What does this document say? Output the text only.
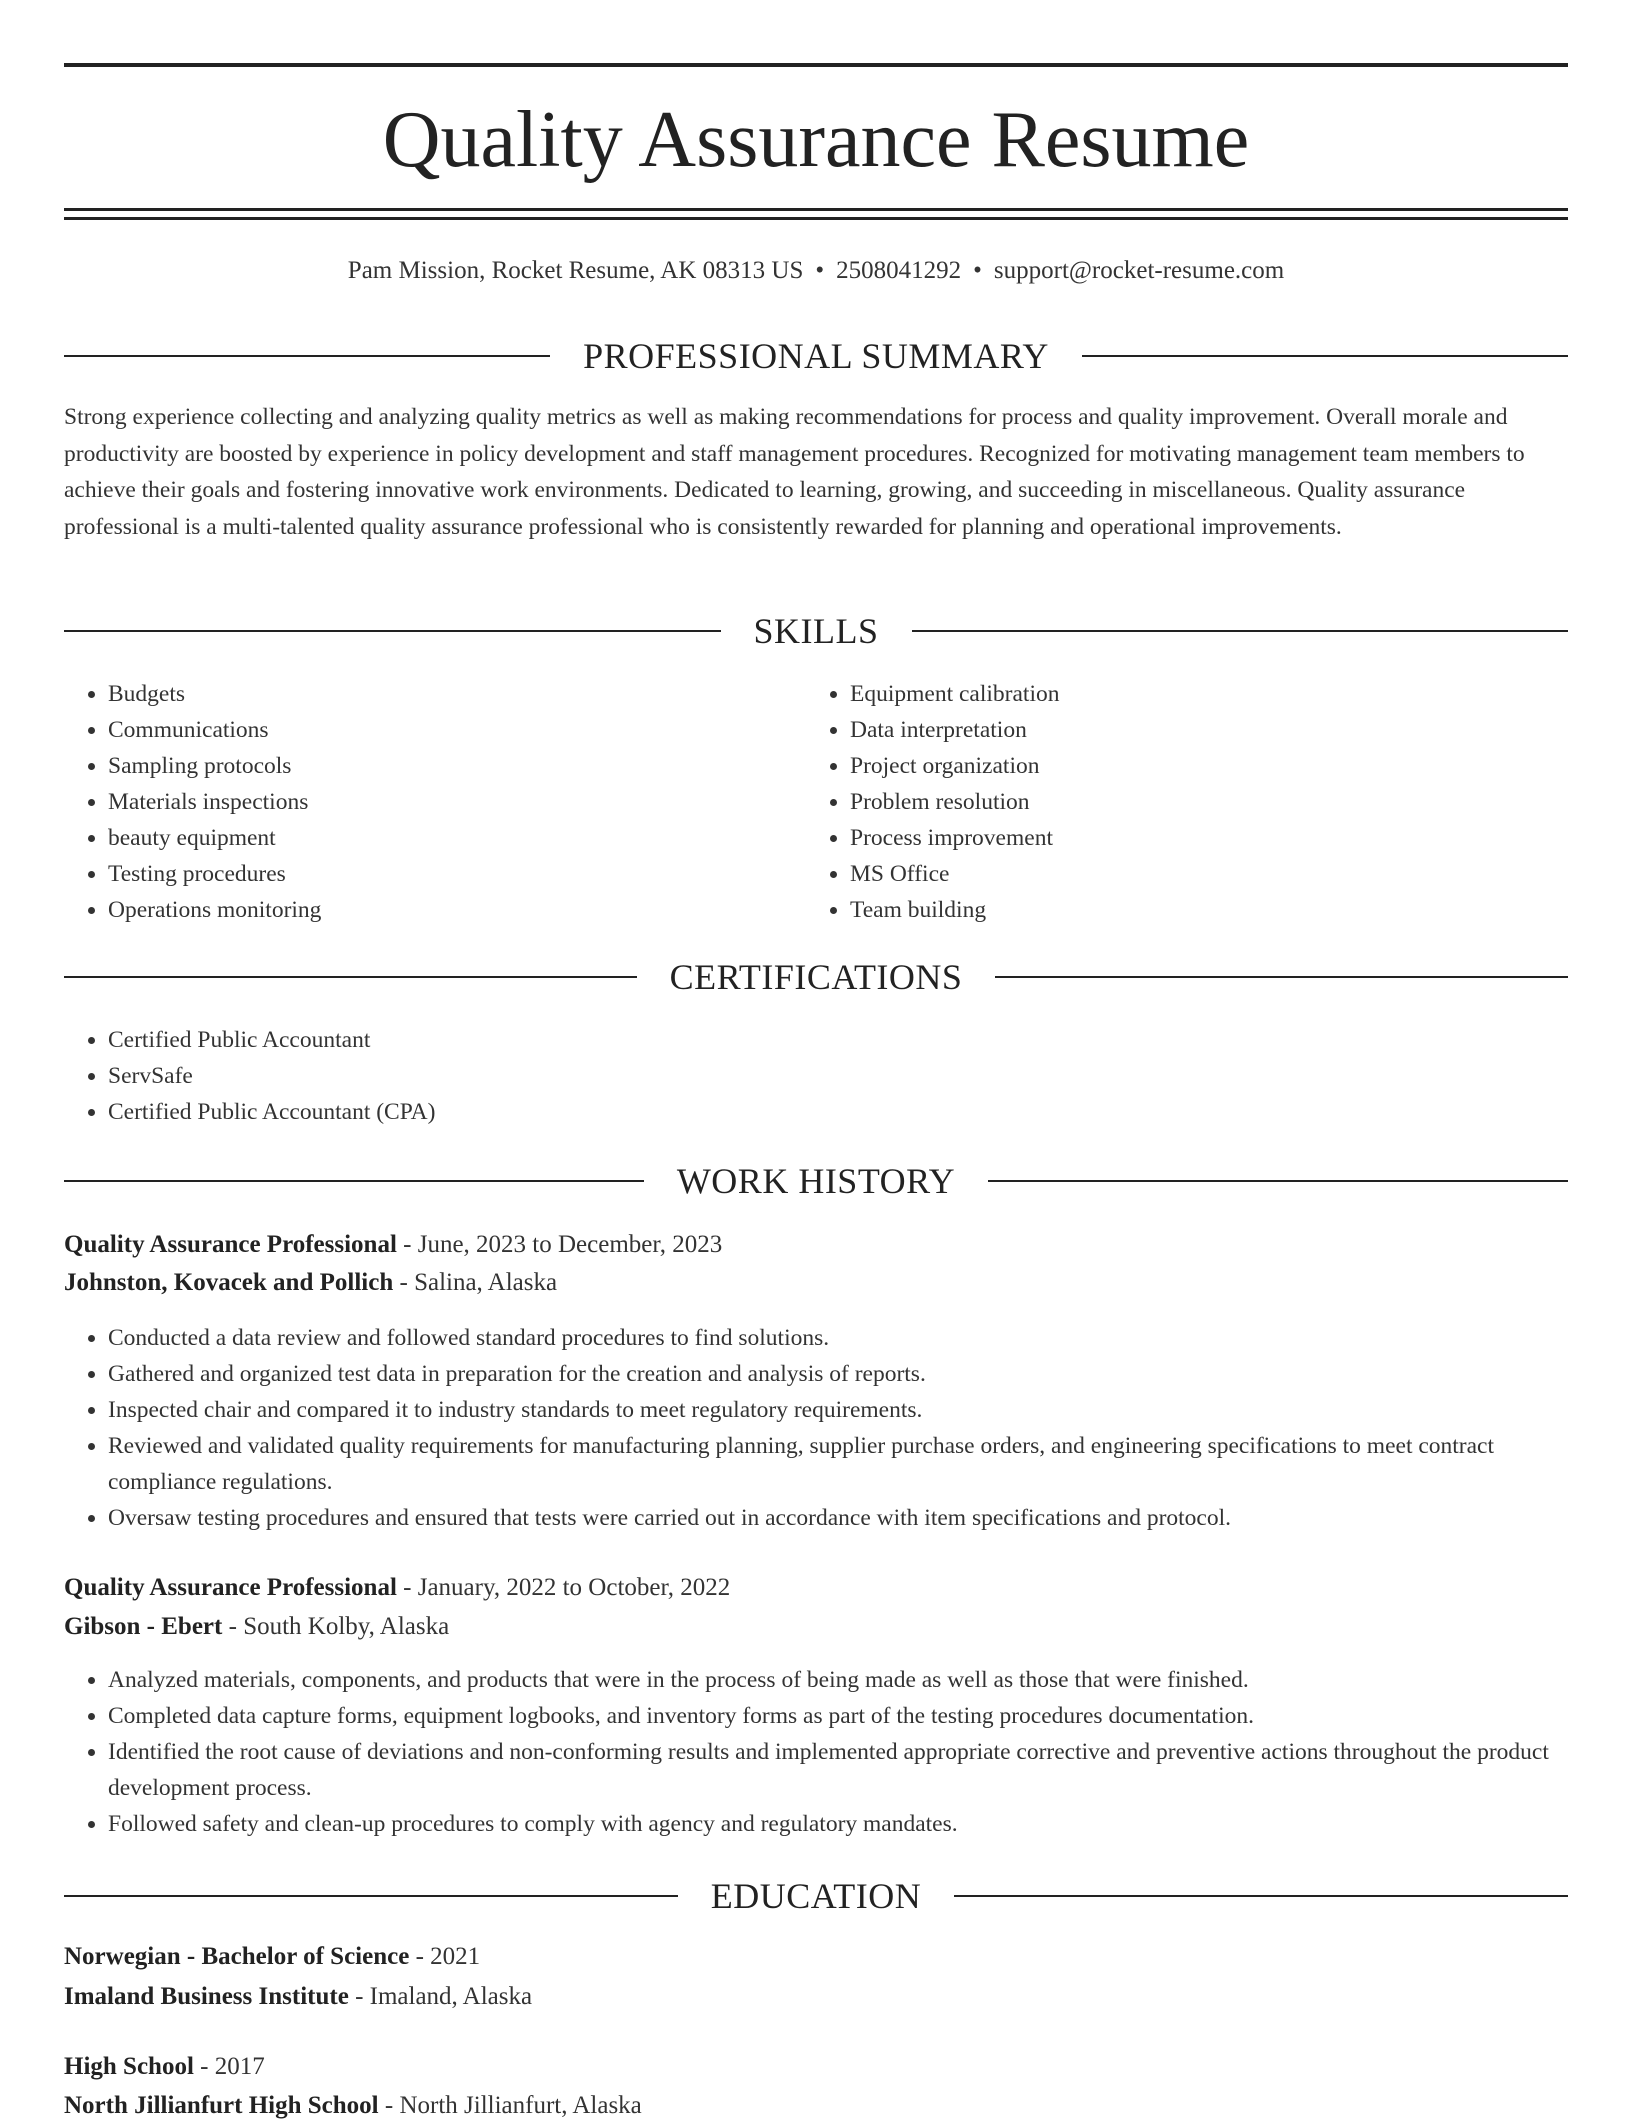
Quality Assurance Resume
Pam Mission, Rocket Resume, AK 08313 US • 2508041292 • support@rocket-resume.com
PROFESSIONAL SUMMARY
Strong experience collecting and analyzing quality metrics as well as making recommendations for process and quality improvement. Overall morale and productivity are boosted by experience in policy development and staff management procedures. Recognized for motivating management team members to achieve their goals and fostering innovative work environments. Dedicated to learning, growing, and succeeding in miscellaneous. Quality assurance professional is a multi-talented quality assurance professional who is consistently rewarded for planning and operational improvements.
SKILLS
• Budgets
• Communications
• Sampling protocols
• Materials inspections
• beauty equipment
• Testing procedures
• Operations monitoring
• Equipment calibration
• Data interpretation
• Project organization
• Problem resolution
• Process improvement
• MS Office
• Team building
CERTIFICATIONS
• Certified Public Accountant
• ServSafe
• Certified Public Accountant (CPA)
WORK HISTORY
Quality Assurance Professional - June, 2023 to December, 2023
Johnston, Kovacek and Pollich - Salina, Alaska
• Conducted a data review and followed standard procedures to find solutions.
• Gathered and organized test data in preparation for the creation and analysis of reports.
• Inspected chair and compared it to industry standards to meet regulatory requirements.
• Reviewed and validated quality requirements for manufacturing planning, supplier purchase orders, and engineering specifications to meet contract compliance regulations.
• Oversaw testing procedures and ensured that tests were carried out in accordance with item specifications and protocol.
Quality Assurance Professional - January, 2022 to October, 2022
Gibson - Ebert - South Kolby, Alaska
• Analyzed materials, components, and products that were in the process of being made as well as those that were finished.
• Completed data capture forms, equipment logbooks, and inventory forms as part of the testing procedures documentation.
• Identified the root cause of deviations and non-conforming results and implemented appropriate corrective and preventive actions throughout the product development process.
• Followed safety and clean-up procedures to comply with agency and regulatory mandates.
EDUCATION
Norwegian - Bachelor of Science - 2021
Imaland Business Institute - Imaland, Alaska
High School - 2017
North Jillianfurt High School - North Jillianfurt, Alaska
